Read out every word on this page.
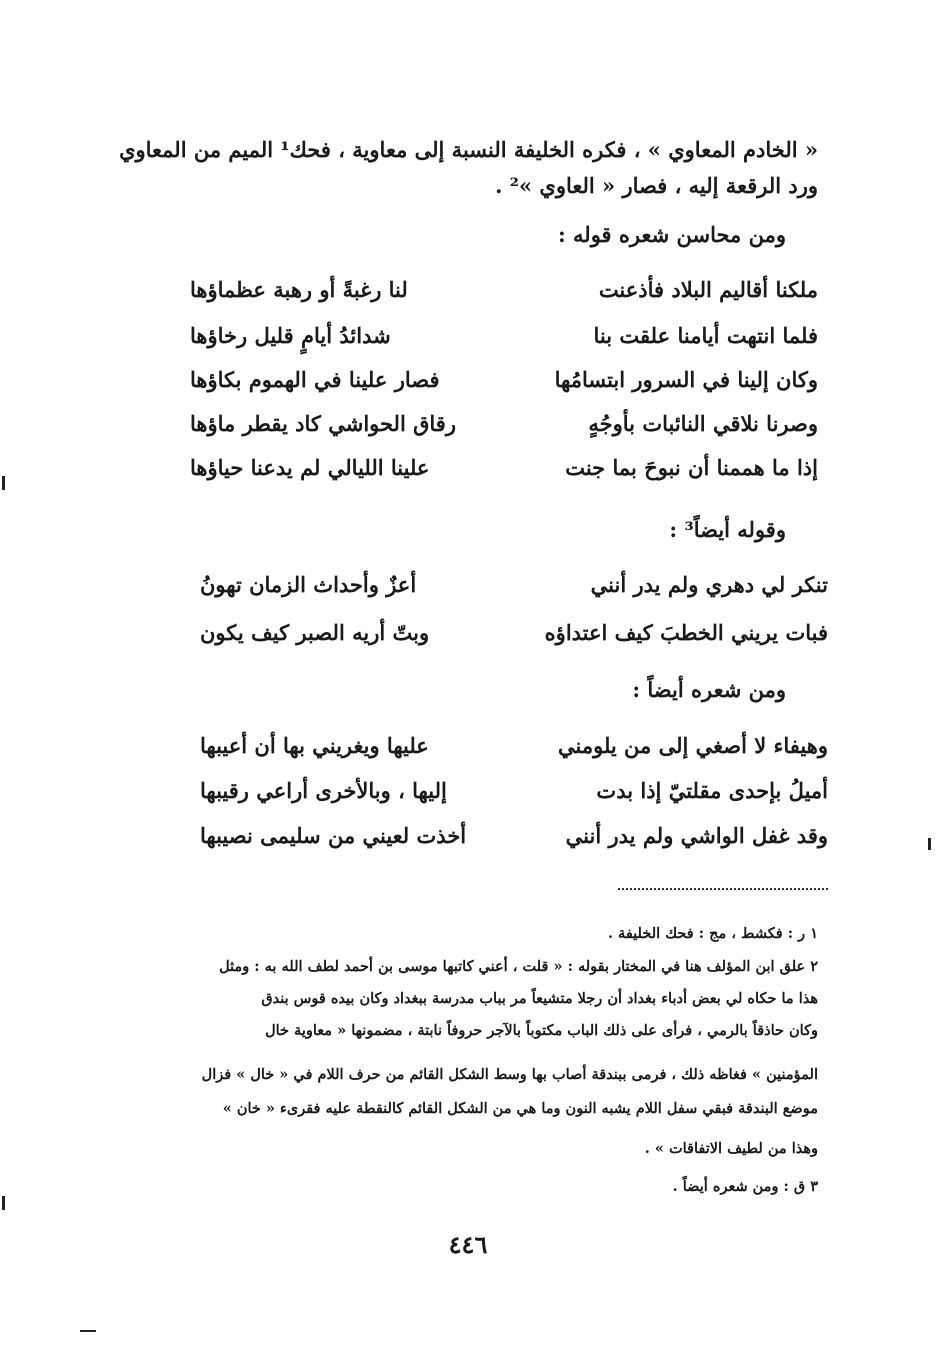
« الخادم المعاوي » ، فكره الخليفة النسبة إلى معاوية ، فحك¹ الميم من المعاوي
ورد الرقعة إليه ، فصار « العاوي »² .
ومن محاسن شعره قوله :
ملكنا أقاليم البلاد فأذعنت
لنا رغبةً أو رهبة عظماؤها
فلما انتهت أيامنا علقت بنا
شدائدُ أيامٍ قليل رخاؤها
وكان إلينا في السرور ابتسامُها
فصار علينا في الهموم بكاؤها
وصرنا نلاقي النائبات بأوجُهٍ
رقاق الحواشي كاد يقطر ماؤها
إذا ما هممنا أن نبوحَ بما جنت
علينا الليالي لم يدعنا حياؤها
وقوله أيضاً³ :
تنكر لي دهري ولم يدر أنني
أعزٌ وأحداث الزمان تهونُ
فبات يريني الخطبَ كيف اعتداؤه
وبتّ أريه الصبر كيف يكون
ومن شعره أيضاً :
وهيفاء لا أصغي إلى من يلومني
عليها ويغريني بها أن أعيبها
أميلُ بإحدى مقلتيّ إذا بدت
إليها ، وبالأخرى أراعي رقيبها
وقد غفل الواشي ولم يدر أنني
أخذت لعيني من سليمى نصيبها
١ ر : فكشط ، مج : فحك الخليفة .
٢ علق ابن المؤلف هنا في المختار بقوله : « قلت ، أعني كاتبها موسى بن أحمد لطف الله به : ومثل
هذا ما حكاه لي بعض أدباء بغداد أن رجلا متشيعاً مر بباب مدرسة ببغداد وكان بيده قوس بندق
وكان حاذقاً بالرمي ، فرأى على ذلك الباب مكتوباً بالآجر حروفاً نابتة ، مضمونها « معاوية خال
المؤمنين » فغاظه ذلك ، فرمى ببندقة أصاب بها وسط الشكل القائم من حرف اللام في « خال » فزال
موضع البندقة فبقي سفل اللام يشبه النون وما هي من الشكل القائم كالنقطة عليه فقرىء « خان »
وهذا من لطيف الاتفاقات » .
٣ ق : ومن شعره أيضاً .
٤٤٦
